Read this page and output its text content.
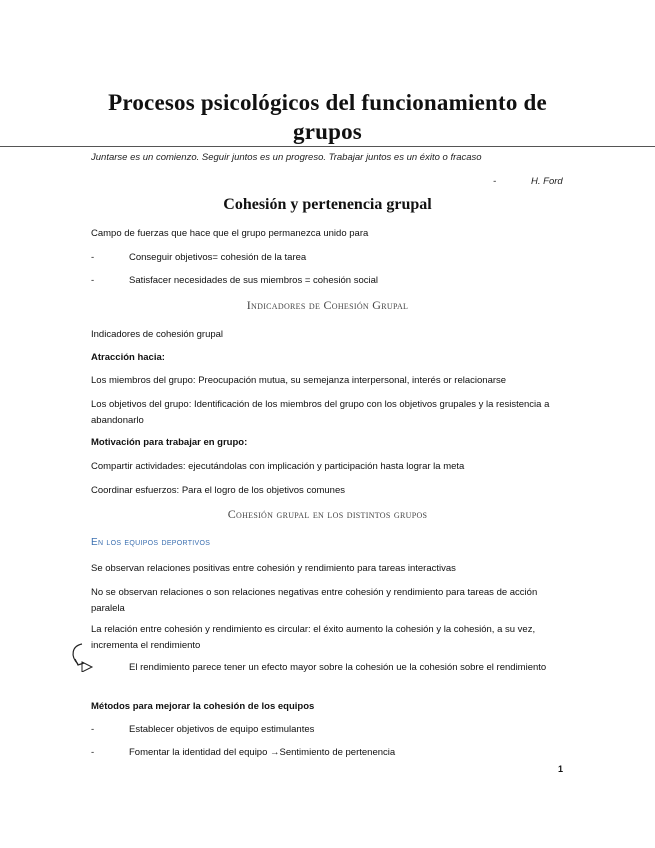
Procesos psicológicos del funcionamiento de grupos
Juntarse es un comienzo. Seguir juntos es un progreso. Trabajar juntos es un éxito o fracaso
-	H. Ford
Cohesión y pertenencia grupal

Campo de fuerzas que hace que el grupo permanezca unido para

-	Conseguir objetivos= cohesión de la tarea
-	Satisfacer necesidades de sus miembros = cohesión social

Indicadores de Cohesión Grupal

Indicadores de cohesión grupal

Atracción hacia:

Los miembros del grupo: Preocupación mutua, su semejanza interpersonal, interés or relacionarse

Los objetivos del grupo: Identificación de los miembros del grupo con los objetivos grupales y la resistencia a abandonarlo

Motivación para trabajar en grupo:

Compartir actividades: ejecutándolas con implicación y participación hasta lograr la meta

Coordinar esfuerzos: Para el logro de los objetivos comunes

Cohesión grupal en los distintos grupos

En los equipos deportivos

Se observan relaciones positivas entre cohesión y rendimiento para tareas interactivas

No se observan relaciones o son relaciones negativas entre cohesión y rendimiento para tareas de acción paralela

La relación entre cohesión y rendimiento es circular: el éxito aumento la cohesión y la cohesión, a su vez, incrementa el rendimiento

El rendimiento parece tener un efecto mayor sobre la cohesión ue la cohesión sobre el rendimiento

Métodos para mejorar la cohesión de los equipos

-	Establecer objetivos de equipo estimulantes
-	Fomentar la identidad del equipo →Sentimiento de pertenencia
1
